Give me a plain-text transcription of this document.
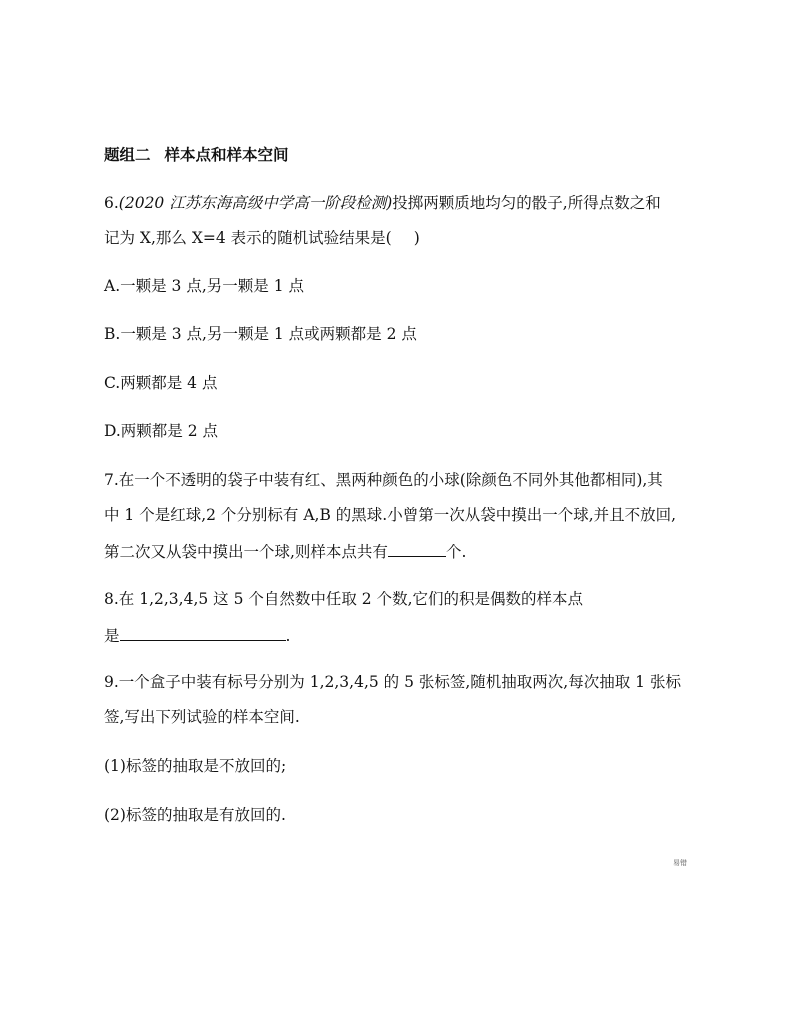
题组二 样本点和样本空间
6.(2020 江苏东海高级中学高一阶段检测)投掷两颗质地均匀的骰子,所得点数之和
记为 X,那么 X=4 表示的随机试验结果是( )
A.一颗是 3 点,另一颗是 1 点
B.一颗是 3 点,另一颗是 1 点或两颗都是 2 点
C.两颗都是 4 点
D.两颗都是 2 点
7.在一个不透明的袋子中装有红、黑两种颜色的小球(除颜色不同外其他都相同),其
中 1 个是红球,2 个分别标有 A,B 的黑球.小曾第一次从袋中摸出一个球,并且不放回,
第二次又从袋中摸出一个球,则样本点共有	个.
8.在 1,2,3,4,5 这 5 个自然数中任取 2 个数,它们的积是偶数的样本点
是	.
9.一个盒子中装有标号分别为 1,2,3,4,5 的 5 张标签,随机抽取两次,每次抽取 1 张标
签,写出下列试验的样本空间.
(1)标签的抽取是不放回的;
(2)标签的抽取是有放回的.
易错
